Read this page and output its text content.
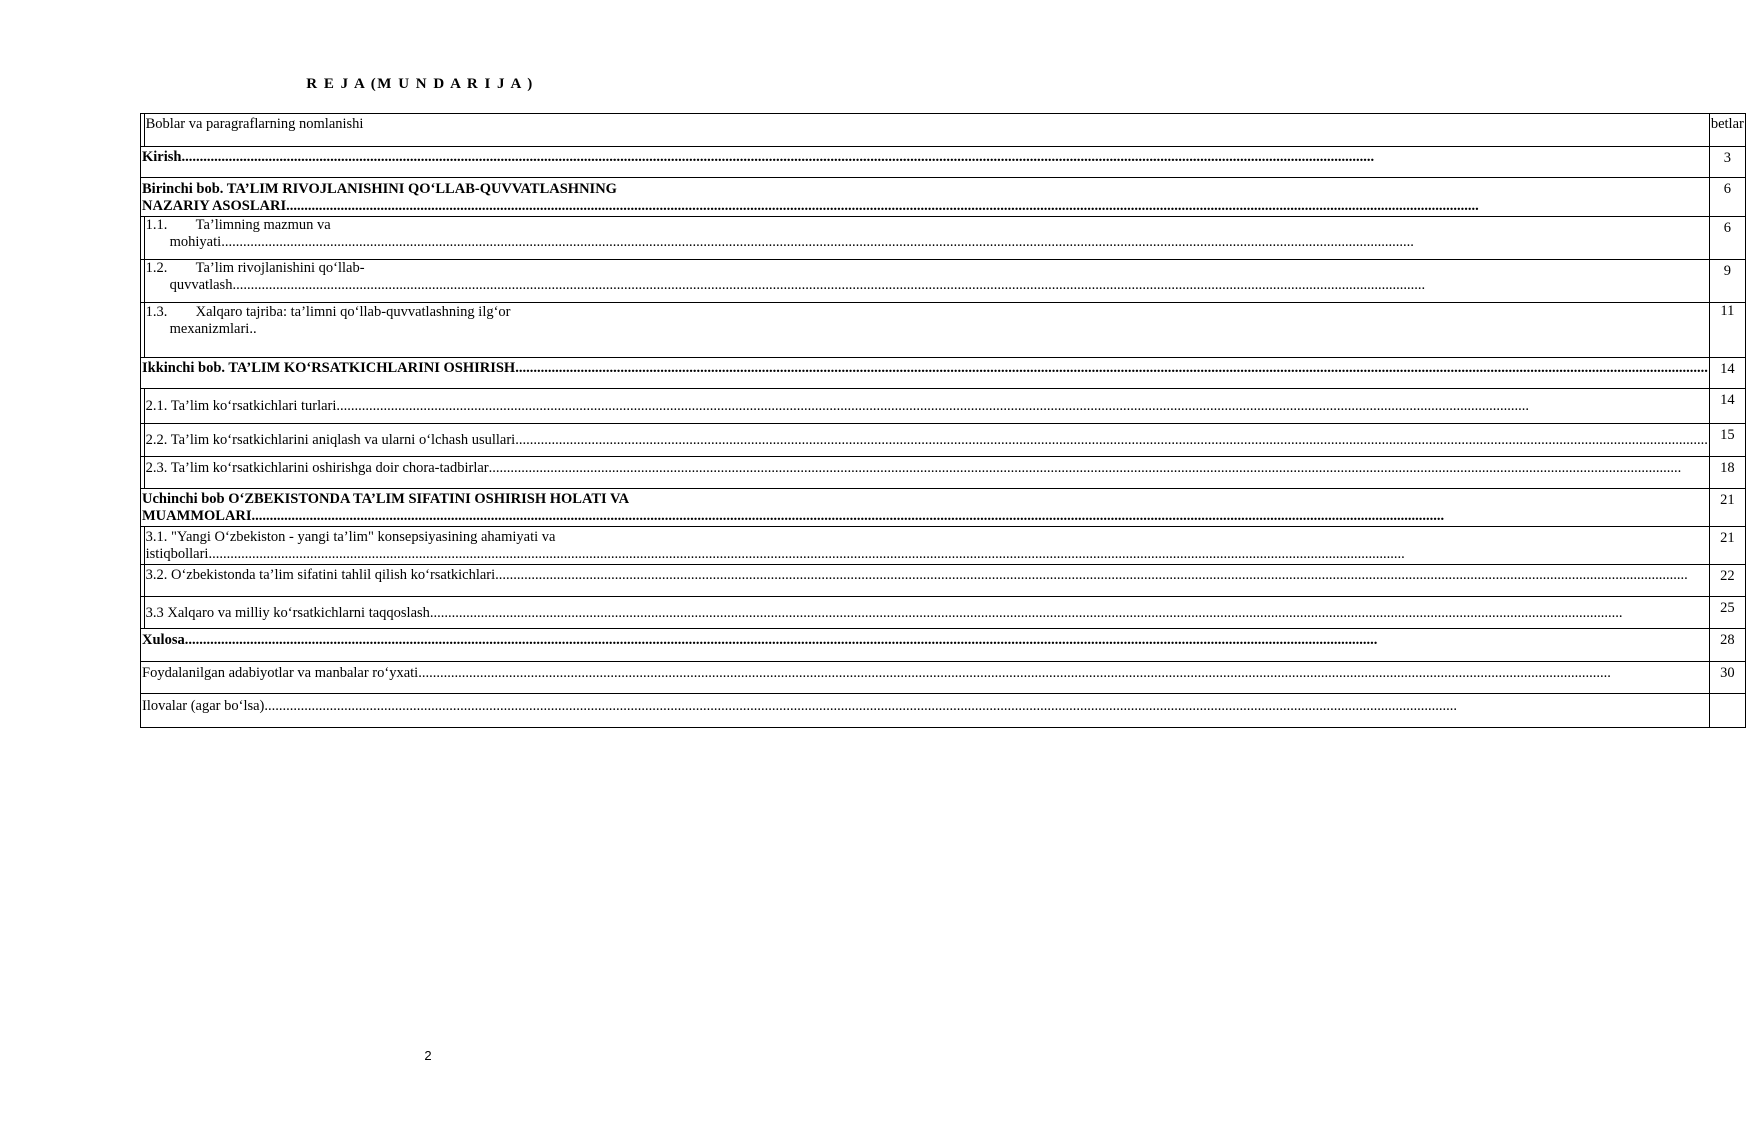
R E J A (M U N D A R I J A )
	Boblar va paragraflarning nomlanishi	betlar

Kirish
.....		3

Birinchi bob. TA’LIM RIVOJLANISHINI QO‘LLAB-QUVVATLASHNING
NAZARIY ASOSLARI
.....		6

	1.1. Ta’limning mazmun va
mohiyati
.....	6

	1.2. Ta’lim rivojlanishini qo‘llab-
quvvatlash
.....	9

	1.3. Xalqaro tajriba: ta’limni qo‘llab-quvvatlashning ilg‘or
mexanizmlari..	11

Ikkinchi bob. TA’LIM KO‘RSATKICHLARINI OSHIRISH
.....		14

	2.1. Ta’lim ko‘rsatkichlari turlari
.....	14

	2.2. Ta’lim ko‘rsatkichlarini aniqlash va ularni o‘lchash usullari
.....	15

	2.3. Ta’lim ko‘rsatkichlarini oshirishga doir chora-tadbirlar
.....	18

Uchinchi bob O‘ZBEKISTONDA TA’LIM SIFATINI OSHIRISH HOLATI VA
MUAMMOLARI
.....		21

	3.1. "Yangi O‘zbekiston - yangi ta’lim" konsepsiyasining ahamiyati va
istiqbollari.
.....	21

	3.2. O‘zbekistonda ta’lim sifatini tahlil qilish ko‘rsatkichlari
.....	22

	3.3 Xalqaro va milliy ko‘rsatkichlarni taqqoslash
.....	25

Xulosa
.....		28

Foydalanilgan adabiyotlar va manbalar ro‘yxati
.....		30

Ilovalar (agar bo‘lsa)
.....

2
